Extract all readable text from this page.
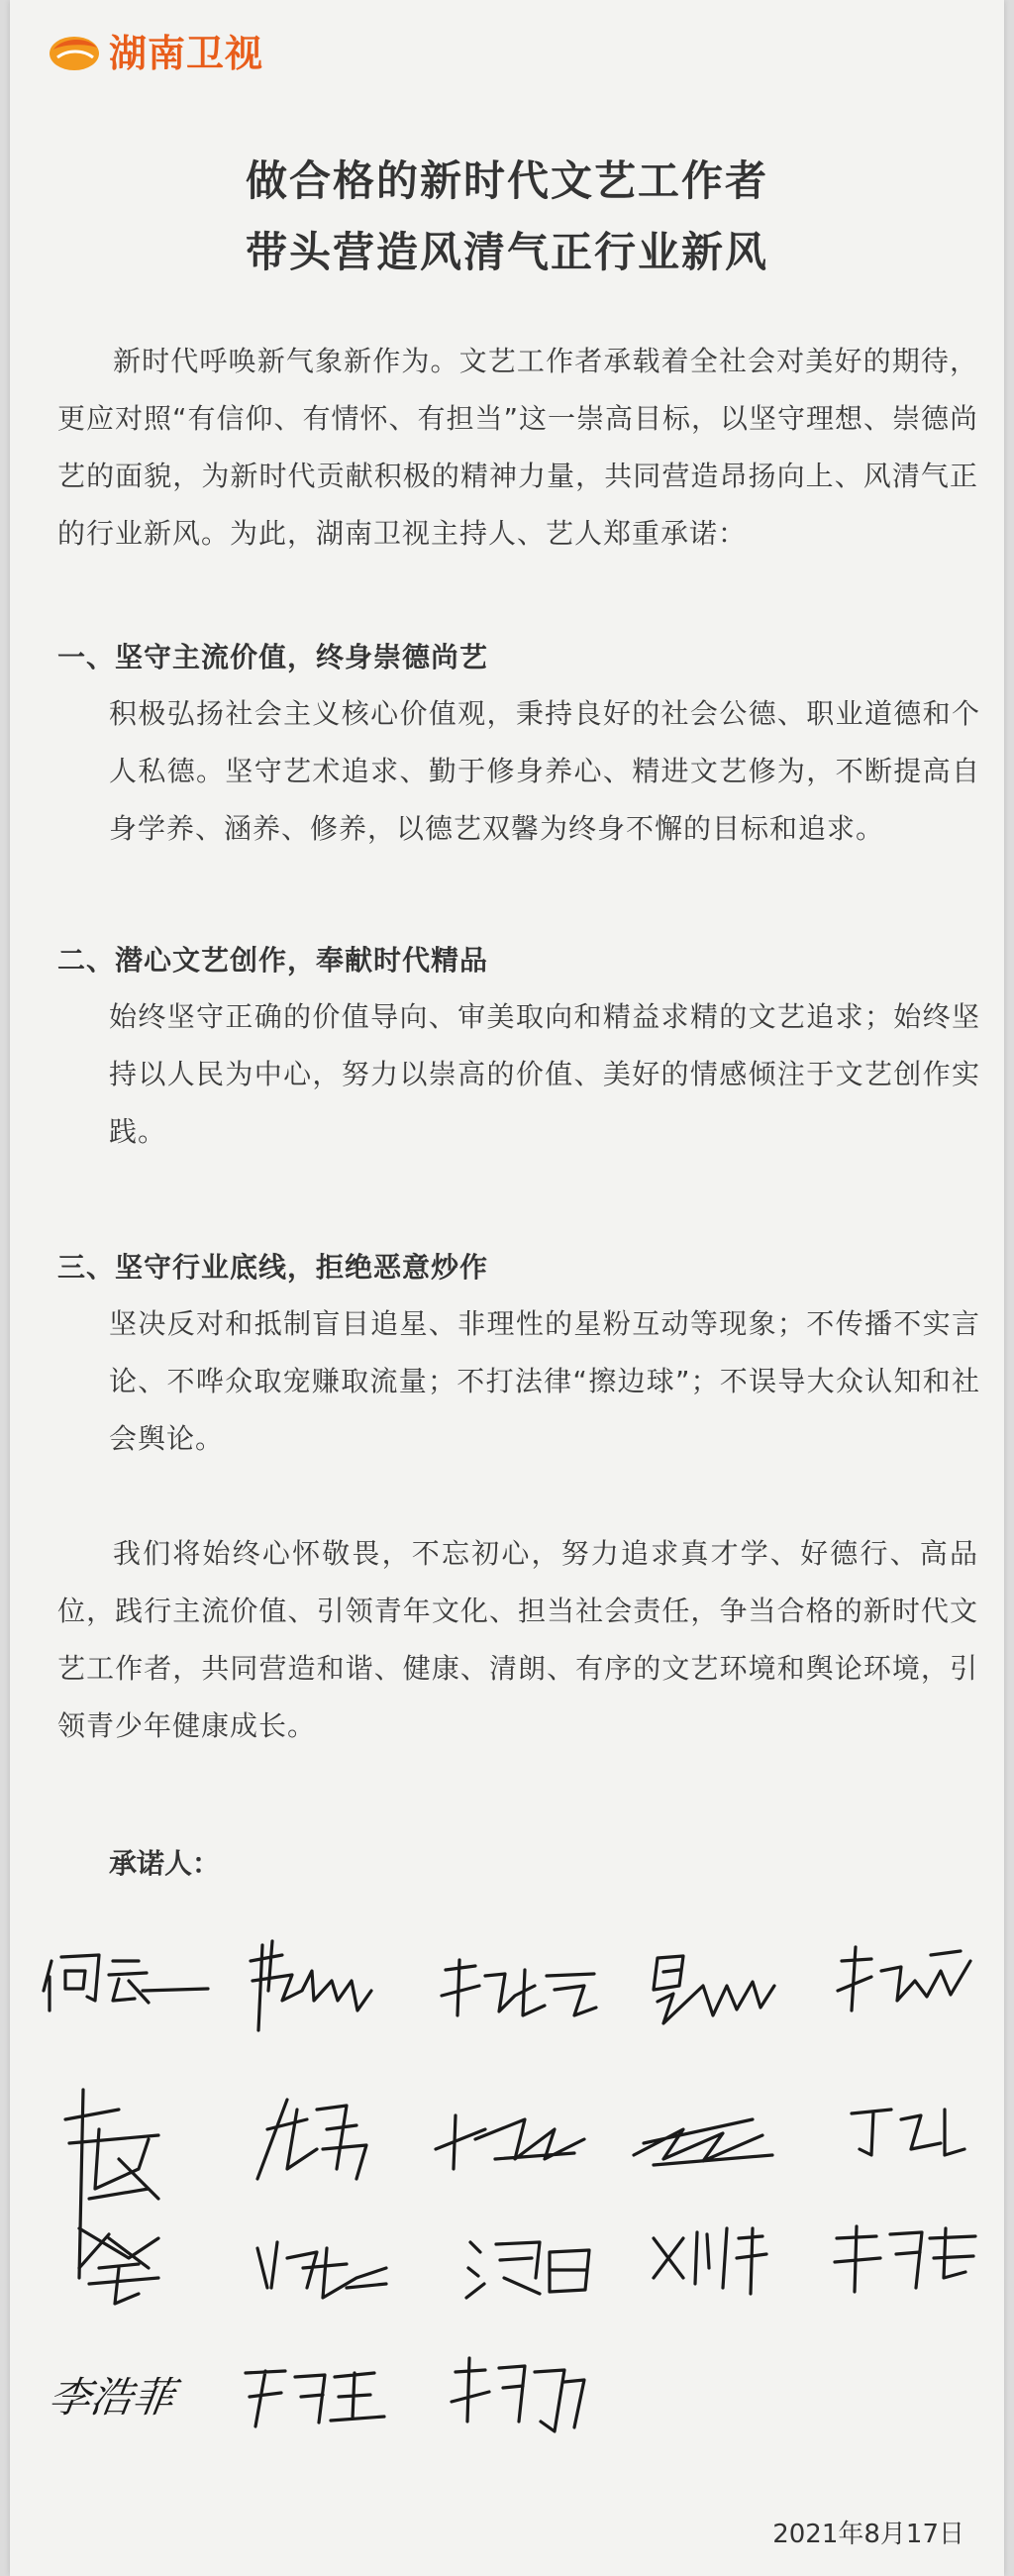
湖南卫视
做合格的新时代文艺工作者
带头营造风清气正行业新风
新时代呼唤新气象新作为。文艺工作者承载着全社会对美好的期待，更应对照“有信仰、有情怀、有担当”这一崇高目标，以坚守理想、崇德尚艺的面貌，为新时代贡献积极的精神力量，共同营造昂扬向上、风清气正的行业新风。为此，湖南卫视主持人、艺人郑重承诺：
一、坚守主流价值，终身崇德尚艺
积极弘扬社会主义核心价值观，秉持良好的社会公德、职业道德和个人私德。坚守艺术追求、勤于修身养心、精进文艺修为，不断提高自身学养、涵养、修养，以德艺双馨为终身不懈的目标和追求。
二、潜心文艺创作，奉献时代精品
始终坚守正确的价值导向、审美取向和精益求精的文艺追求；始终坚持以人民为中心，努力以崇高的价值、美好的情感倾注于文艺创作实践。
三、坚守行业底线，拒绝恶意炒作
坚决反对和抵制盲目追星、非理性的星粉互动等现象；不传播不实言论、不哗众取宠赚取流量；不打法律“擦边球”；不误导大众认知和社会舆论。
我们将始终心怀敬畏，不忘初心，努力追求真才学、好德行、高品位，践行主流价值、引领青年文化、担当社会责任，争当合格的新时代文艺工作者，共同营造和谐、健康、清朗、有序的文艺环境和舆论环境，引领青少年健康成长。
承诺人：
李浩菲
2021年8月17日
